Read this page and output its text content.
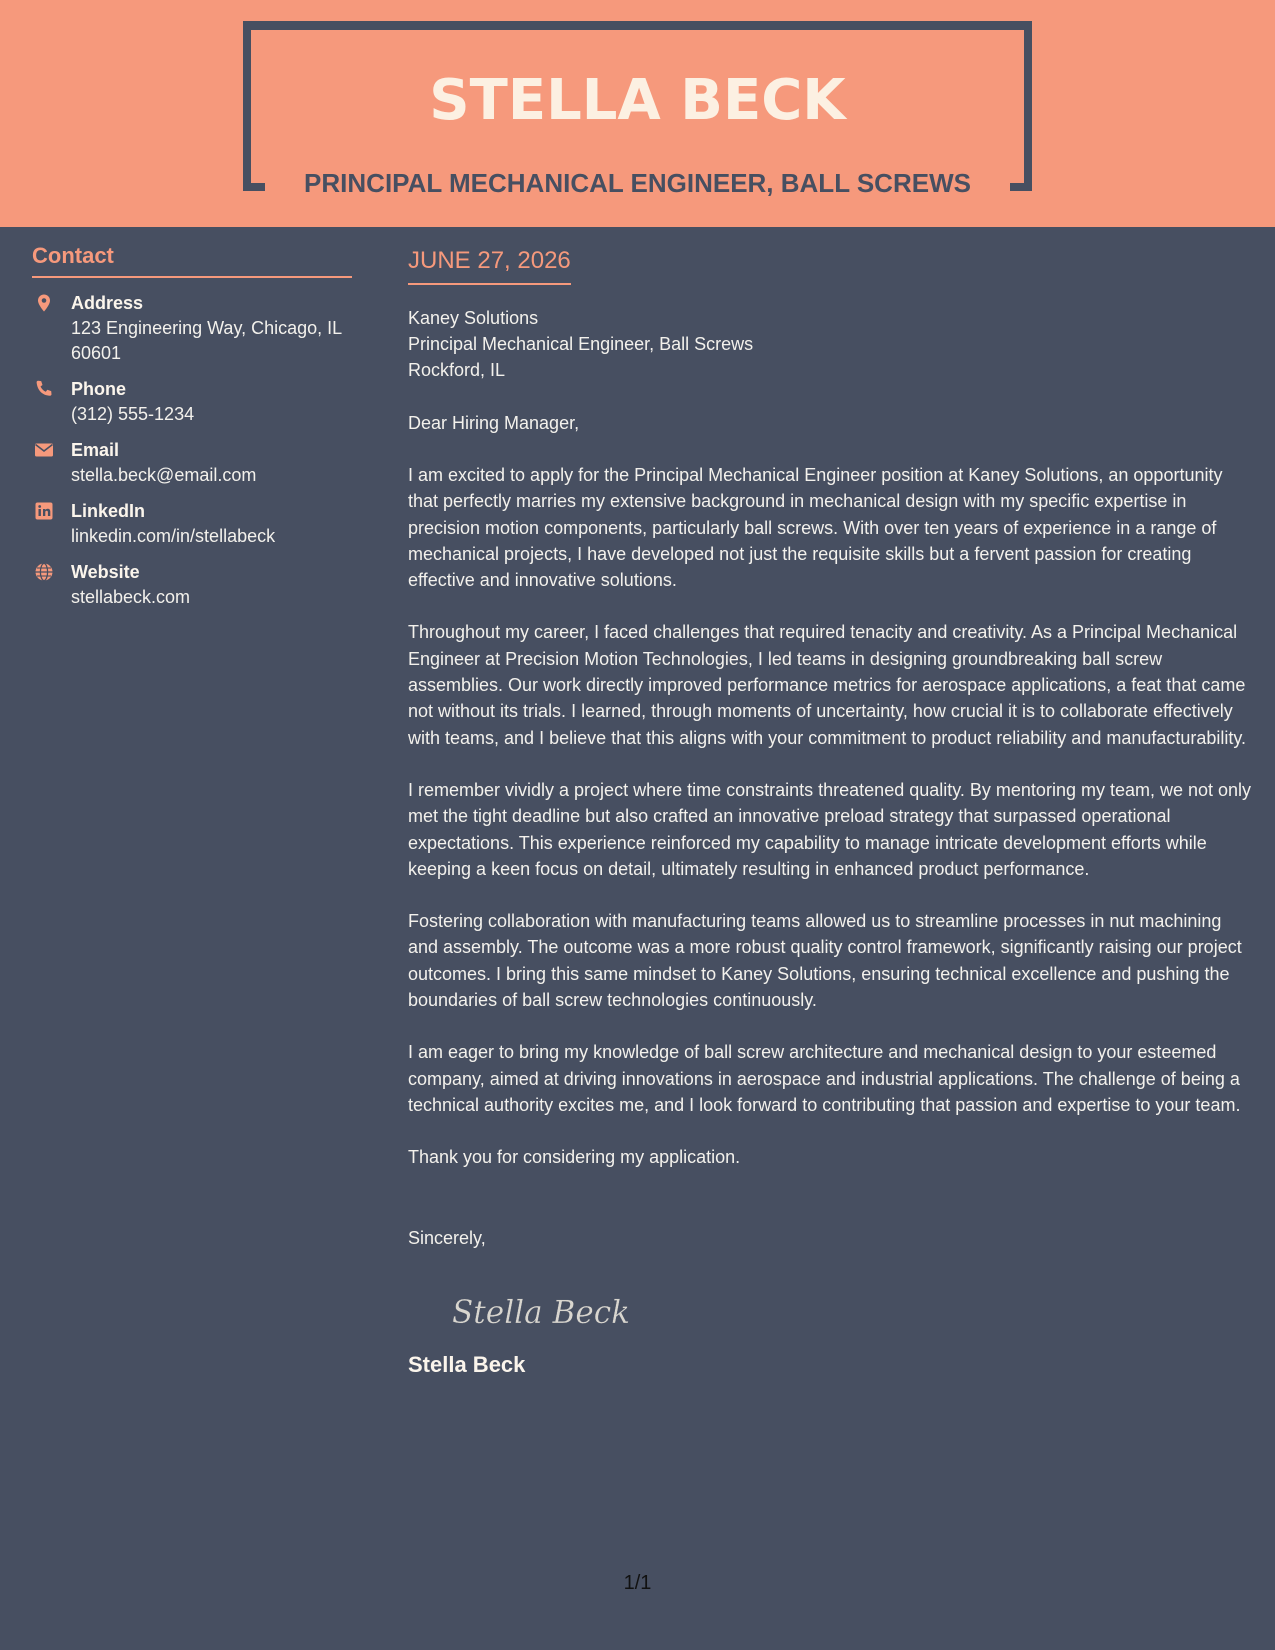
STELLA BECK
PRINCIPAL MECHANICAL ENGINEER, BALL SCREWS
Contact
Address
123 Engineering Way, Chicago, IL 60601
Phone
(312) 555-1234
Email
stella.beck@email.com
LinkedIn
linkedin.com/in/stellabeck
Website
stellabeck.com

JUNE 27, 2026

Kaney Solutions
Principal Mechanical Engineer, Ball Screws
Rockford, IL
Dear Hiring Manager,

I am excited to apply for the Principal Mechanical Engineer position at Kaney Solutions, an opportunity that perfectly marries my extensive background in mechanical design with my specific expertise in precision motion components, particularly ball screws. With over ten years of experience in a range of mechanical projects, I have developed not just the requisite skills but a fervent passion for creating effective and innovative solutions.

Throughout my career, I faced challenges that required tenacity and creativity. As a Principal Mechanical Engineer at Precision Motion Technologies, I led teams in designing groundbreaking ball screw assemblies. Our work directly improved performance metrics for aerospace applications, a feat that came not without its trials. I learned, through moments of uncertainty, how crucial it is to collaborate effectively with teams, and I believe that this aligns with your commitment to product reliability and manufacturability.

I remember vividly a project where time constraints threatened quality. By mentoring my team, we not only met the tight deadline but also crafted an innovative preload strategy that surpassed operational expectations. This experience reinforced my capability to manage intricate development efforts while keeping a keen focus on detail, ultimately resulting in enhanced product performance.

Fostering collaboration with manufacturing teams allowed us to streamline processes in nut machining and assembly. The outcome was a more robust quality control framework, significantly raising our project outcomes. I bring this same mindset to Kaney Solutions, ensuring technical excellence and pushing the boundaries of ball screw technologies continuously.

I am eager to bring my knowledge of ball screw architecture and mechanical design to your esteemed company, aimed at driving innovations in aerospace and industrial applications. The challenge of being a technical authority excites me, and I look forward to contributing that passion and expertise to your team.

Thank you for considering my application.

Sincerely,
Stella Beck
Stella Beck
1/1
